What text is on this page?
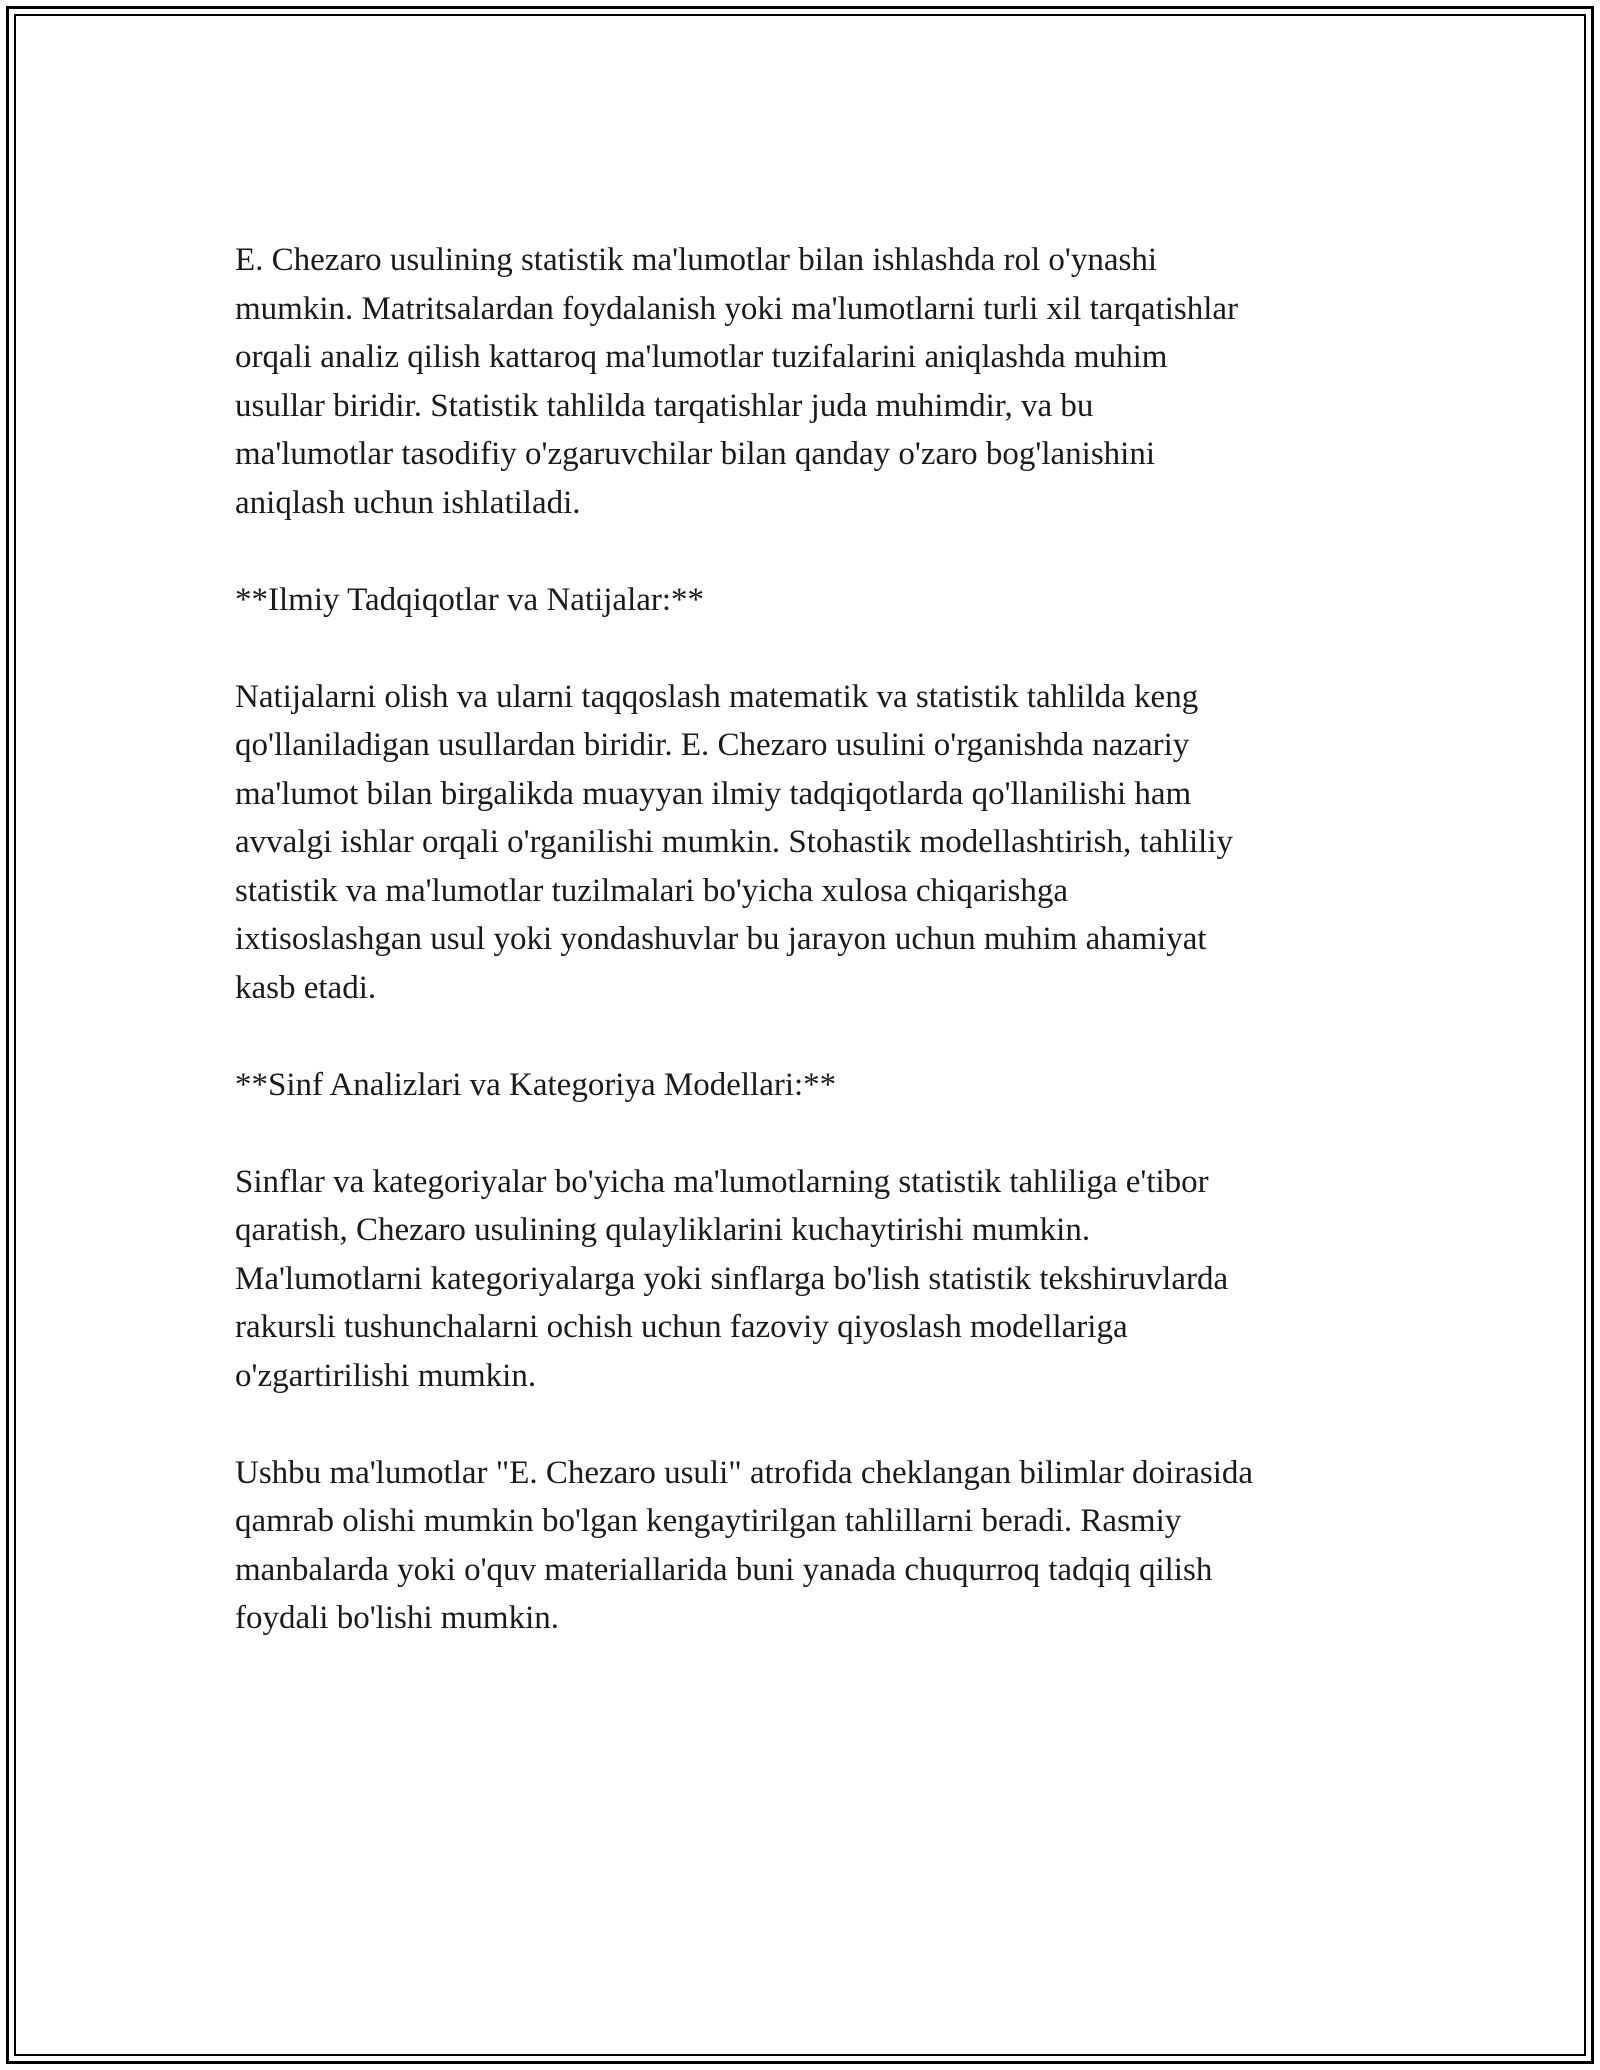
E. Chezaro usulining statistik ma'lumotlar bilan ishlashda rol o'ynashi
mumkin. Matritsalardan foydalanish yoki ma'lumotlarni turli xil tarqatishlar
orqali analiz qilish kattaroq ma'lumotlar tuzifalarini aniqlashda muhim
usullar biridir. Statistik tahlilda tarqatishlar juda muhimdir, va bu
ma'lumotlar tasodifiy o'zgaruvchilar bilan qanday o'zaro bog'lanishini
aniqlash uchun ishlatiladi.

**Ilmiy Tadqiqotlar va Natijalar:**

Natijalarni olish va ularni taqqoslash matematik va statistik tahlilda keng
qo'llaniladigan usullardan biridir. E. Chezaro usulini o'rganishda nazariy
ma'lumot bilan birgalikda muayyan ilmiy tadqiqotlarda qo'llanilishi ham
avvalgi ishlar orqali o'rganilishi mumkin. Stohastik modellashtirish, tahliliy
statistik va ma'lumotlar tuzilmalari bo'yicha xulosa chiqarishga
ixtisoslashgan usul yoki yondashuvlar bu jarayon uchun muhim ahamiyat
kasb etadi.

**Sinf Analizlari va Kategoriya Modellari:**

Sinflar va kategoriyalar bo'yicha ma'lumotlarning statistik tahliliga e'tibor
qaratish, Chezaro usulining qulayliklarini kuchaytirishi mumkin.
Ma'lumotlarni kategoriyalarga yoki sinflarga bo'lish statistik tekshiruvlarda
rakursli tushunchalarni ochish uchun fazoviy qiyoslash modellariga
o'zgartirilishi mumkin.

Ushbu ma'lumotlar "E. Chezaro usuli" atrofida cheklangan bilimlar doirasida
qamrab olishi mumkin bo'lgan kengaytirilgan tahlillarni beradi. Rasmiy
manbalarda yoki o'quv materiallarida buni yanada chuqurroq tadqiq qilish
foydali bo'lishi mumkin.
